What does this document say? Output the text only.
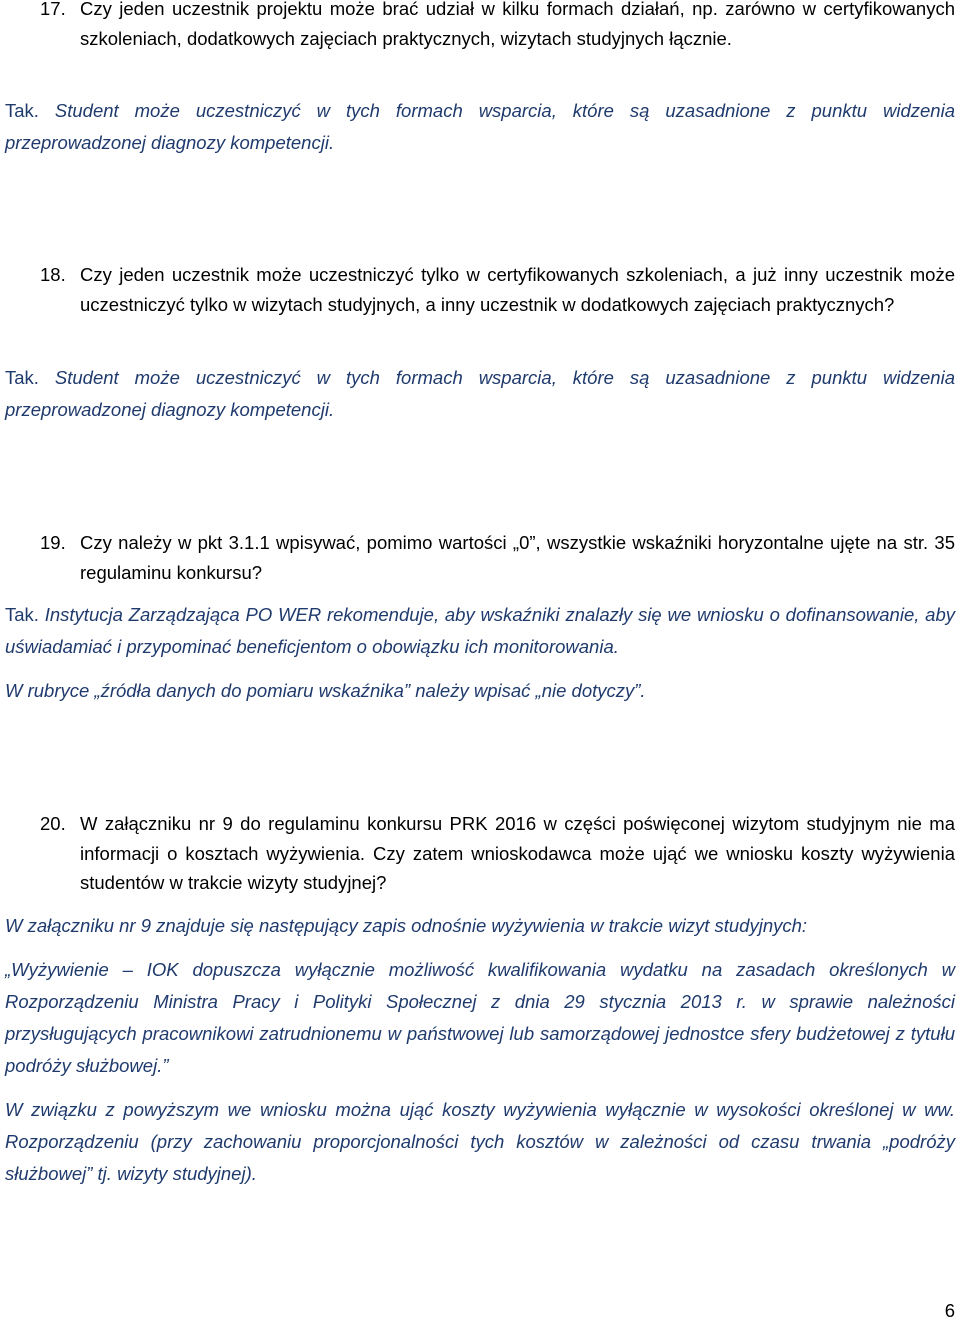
17. Czy jeden uczestnik projektu może brać udział w kilku formach działań, np. zarówno w certyfikowanych szkoleniach, dodatkowych zajęciach praktycznych, wizytach studyjnych łącznie.

Tak. Student może uczestniczyć w tych formach wsparcia, które są uzasadnione z punktu widzenia przeprowadzonej diagnozy kompetencji.

18. Czy jeden uczestnik może uczestniczyć tylko w certyfikowanych szkoleniach, a już inny uczestnik może uczestniczyć tylko w wizytach studyjnych, a inny uczestnik w dodatkowych zajęciach praktycznych?

Tak. Student może uczestniczyć w tych formach wsparcia, które są uzasadnione z punktu widzenia przeprowadzonej diagnozy kompetencji.

19. Czy należy w pkt 3.1.1 wpisywać, pomimo wartości „0”, wszystkie wskaźniki horyzontalne ujęte na str. 35 regulaminu konkursu?

Tak. Instytucja Zarządzająca PO WER rekomenduje, aby wskaźniki znalazły się we wniosku o dofinansowanie, aby uświadamiać i przypominać beneficjentom o obowiązku ich monitorowania.

W rubryce „źródła danych do pomiaru wskaźnika” należy wpisać „nie dotyczy”.

20. W załączniku nr 9 do regulaminu konkursu PRK 2016 w części poświęconej wizytom studyjnym nie ma informacji o kosztach wyżywienia. Czy zatem wnioskodawca może ująć we wniosku koszty wyżywienia studentów w trakcie wizyty studyjnej?

W załączniku nr 9 znajduje się następujący zapis odnośnie wyżywienia w trakcie wizyt studyjnych:

„Wyżywienie – IOK dopuszcza wyłącznie możliwość kwalifikowania wydatku na zasadach określonych w Rozporządzeniu Ministra Pracy i Polityki Społecznej z dnia 29 stycznia 2013 r. w sprawie należności przysługujących pracownikowi zatrudnionemu w państwowej lub samorządowej jednostce sfery budżetowej z tytułu podróży służbowej.”

W związku z powyższym we wniosku można ująć koszty wyżywienia wyłącznie w wysokości określonej w ww. Rozporządzeniu (przy zachowaniu proporcjonalności tych kosztów w zależności od czasu trwania „podróży służbowej” tj. wizyty studyjnej).

6
